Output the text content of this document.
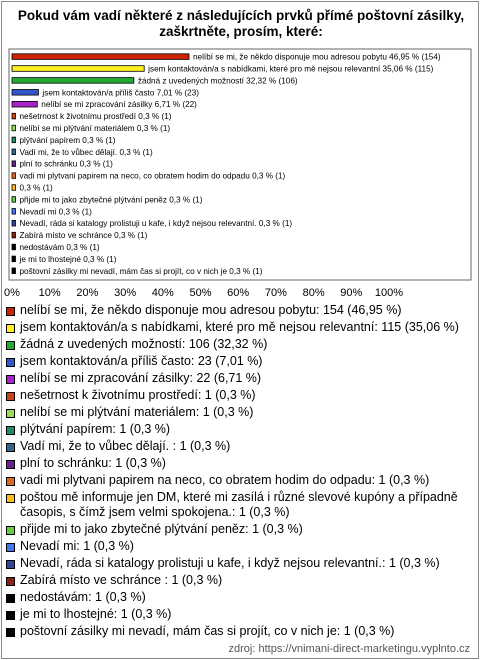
Pokud vám vadí některé z následujících prvků přímé poštovní zásilky, zaškrtněte, prosím, které:
nelíbí se mi, že někdo disponuje mou adresou pobytu 46,95 % (154)
jsem kontaktován/a s nabídkami, které pro mě nejsou relevantní 35,06 % (115)
žádná z uvedených možností 32,32 % (106)
jsem kontaktován/a příliš často 7,01 % (23)
nelíbí se mi zpracování zásilky 6,71 % (22)
nešetrnost k životnímu prostředí 0,3 % (1)
nelíbí se mi plýtvání materiálem 0,3 % (1)
plýtvání papírem 0,3 % (1)
Vadí mi, že to vůbec dělají. 0,3 % (1)
plní to schránku 0,3 % (1)
vadi mi plytvani papirem na neco, co obratem hodim do odpadu 0,3 % (1)
0,3 % (1)
přijde mi to jako zbytečné plýtvání peněz 0,3 % (1)
Nevadí mi 0,3 % (1)
Nevadí, ráda si katalogy prolistuji u kafe, i když nejsou relevantní. 0,3 % (1)
Zabírá místo ve schránce 0,3 % (1)
nedostávám 0,3 % (1)
je mi to lhostejné 0,3 % (1)
poštovní zásilky mi nevadí, mám čas si projít, co v nich je 0,3 % (1)
0% 10% 20% 30% 40% 50% 60% 70% 80% 90% 100%
nelíbí se mi, že někdo disponuje mou adresou pobytu: 154 (46,95 %)
jsem kontaktován/a s nabídkami, které pro mě nejsou relevantní: 115 (35,06 %)
žádná z uvedených možností: 106 (32,32 %)
jsem kontaktován/a příliš často: 23 (7,01 %)
nelíbí se mi zpracování zásilky: 22 (6,71 %)
nešetrnost k životnímu prostředí: 1 (0,3 %)
nelíbí se mi plýtvání materiálem: 1 (0,3 %)
plýtvání papírem: 1 (0,3 %)
Vadí mi, že to vůbec dělají. : 1 (0,3 %)
plní to schránku: 1 (0,3 %)
vadi mi plytvani papirem na neco, co obratem hodim do odpadu: 1 (0,3 %)
poštou mě informuje jen DM, které mi zasílá i různé slevové kupóny a případně časopis, s čímž jsem velmi spokojena.: 1 (0,3 %)
přijde mi to jako zbytečné plýtvání peněz: 1 (0,3 %)
Nevadí mi: 1 (0,3 %)
Nevadí, ráda si katalogy prolistuji u kafe, i když nejsou relevantní.: 1 (0,3 %)
Zabírá místo ve schránce : 1 (0,3 %)
nedostávám: 1 (0,3 %)
je mi to lhostejné: 1 (0,3 %)
poštovní zásilky mi nevadí, mám čas si projít, co v nich je: 1 (0,3 %)
zdroj: https://vnimani-direct-marketingu.vyplnto.cz
